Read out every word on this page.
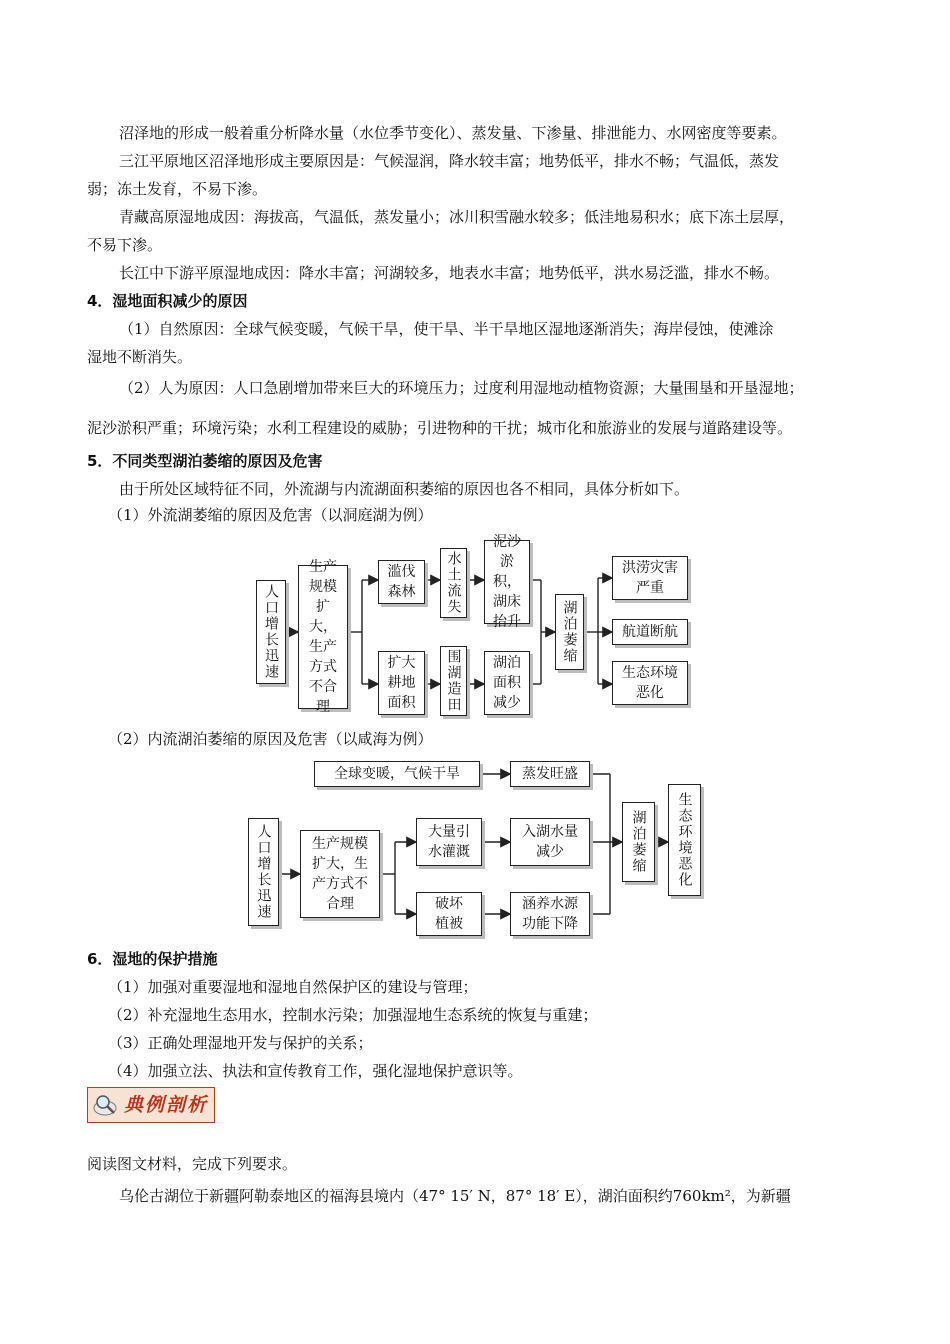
沼泽地的形成一般着重分析降水量（水位季节变化）、蒸发量、下渗量、排泄能力、水网密度等要素。
三江平原地区沼泽地形成主要原因是：气候湿润，降水较丰富；地势低平，排水不畅；气温低，蒸发
弱；冻土发育，不易下渗。
青藏高原湿地成因：海拔高，气温低，蒸发量小；冰川积雪融水较多；低洼地易积水；底下冻土层厚，
不易下渗。
长江中下游平原湿地成因：降水丰富；河湖较多，地表水丰富；地势低平，洪水易泛滥，排水不畅。
4．湿地面积减少的原因
（1）自然原因：全球气候变暖，气候干旱，使干旱、半干旱地区湿地逐渐消失；海岸侵蚀，使滩涂
湿地不断消失。
（2）人为原因：人口急剧增加带来巨大的环境压力；过度利用湿地动植物资源；大量围垦和开垦湿地；
泥沙淤积严重；环境污染；水利工程建设的威胁；引进物种的干扰；城市化和旅游业的发展与道路建设等。
5．不同类型湖泊萎缩的原因及危害
由于所处区域特征不同，外流湖与内流湖面积萎缩的原因也各不相同，具体分析如下。
（1）外流湖萎缩的原因及危害（以洞庭湖为例）
人口增长迅速
生产规模扩大，生产方式不合理
滥伐森林	水土流失
泥沙淤积，湖床抬升
扩大耕地面积	围湖造田	湖泊面积减少
湖泊萎缩
洪涝灾害严重
航道断航
生态环境恶化
（2）内流湖泊萎缩的原因及危害（以咸海为例）
全球变暖，气候干旱	蒸发旺盛
人口增长迅速	生产规模扩大，生产方式不合理
大量引水灌溉
入湖水量减少
破坏植被
涵养水源功能下降
湖泊萎缩	生态环境恶化
6．湿地的保护措施
（1）加强对重要湿地和湿地自然保护区的建设与管理；
（2）补充湿地生态用水，控制水污染；加强湿地生态系统的恢复与重建；
（3）正确处理湿地开发与保护的关系；
（4）加强立法、执法和宣传教育工作，强化湿地保护意识等。
典例剖析
阅读图文材料，完成下列要求。
乌伦古湖位于新疆阿勒泰地区的福海县境内（47° 15′ N，87° 18′ E），湖泊面积约760km²，为新疆
